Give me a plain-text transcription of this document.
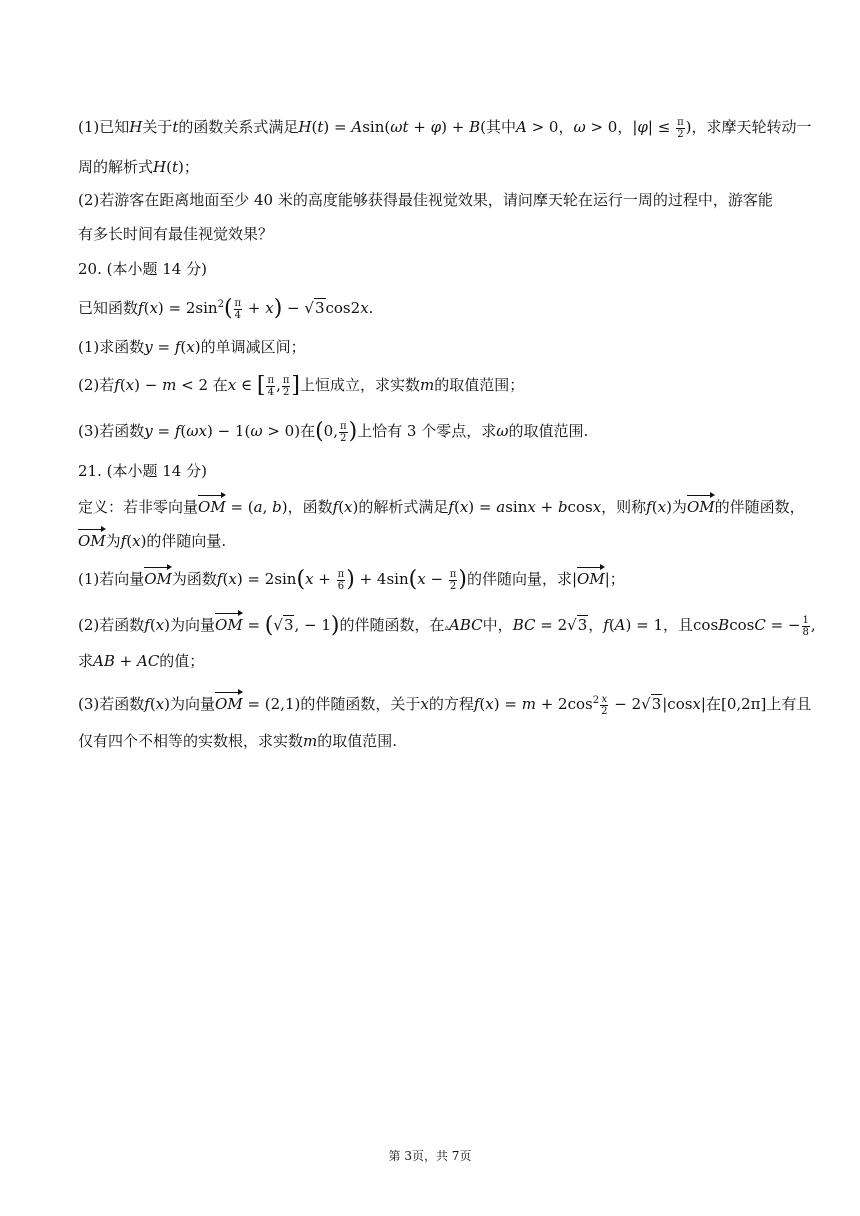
(1)已知H关于t的函数关系式满足H(t) = Asin(ωt + φ) + B(其中A > 0，ω > 0，$|\varphi| \le \frac{\pi}{2}$ )，求摩天轮转动一
周的解析式H(t)；
(2)若游客在距离地面至少 40 米的高度能够获得最佳视觉效果，请问摩天轮在运行一周的过程中，游客能
有多长时间有最佳视觉效果？
20. (本小题 14 分)
已知函数$f(x) = 2\sin^2( \frac{\pi}{4} + x) - √3\cos 2x$.
(1)求函数y = f(x)的单调减区间；
(2)若f(x) − m < 2 在x ∈ [ $\frac{\pi}{4}$ , $\frac{\pi}{2}$ ]上恒成立，求实数m的取值范围；
(3)若函数y = f(ωx) − 1(ω > 0)在(0, $\frac{\pi}{2}$ )上恰有 3 个零点，求ω的取值范围.
21. (本小题 14 分)
定义：若非零向量OM = (a, b)，函数f(x)的解析式满足f(x) = asinx + bcosx，则称f(x)为OM的伴随函数，
OM为f(x)的伴随向量.
(1)若向量OM为函数$f(x) = 2\sin(x + \frac{\pi}{6}$ ) + $4\sin(x - \frac{\pi}{2}$ )的伴随向量，求|OM|；
(2)若函数f(x)为向量OM = (√3, − 1)的伴随函数，在▵ABC中，BC = 2√3，f(A) = 1，且cosBcosC = − $\frac{1}{8}$ ,
求AB + AC的值；
(3)若函数f(x)为向量OM = (2,1)的伴随函数，关于x的方程$f(x) = m + 2\cos^2 \frac{x}{2} - 2√3|\cos x|$在[0,2π]上有且
仅有四个不相等的实数根，求实数m的取值范围.
第 3页，共 7页
